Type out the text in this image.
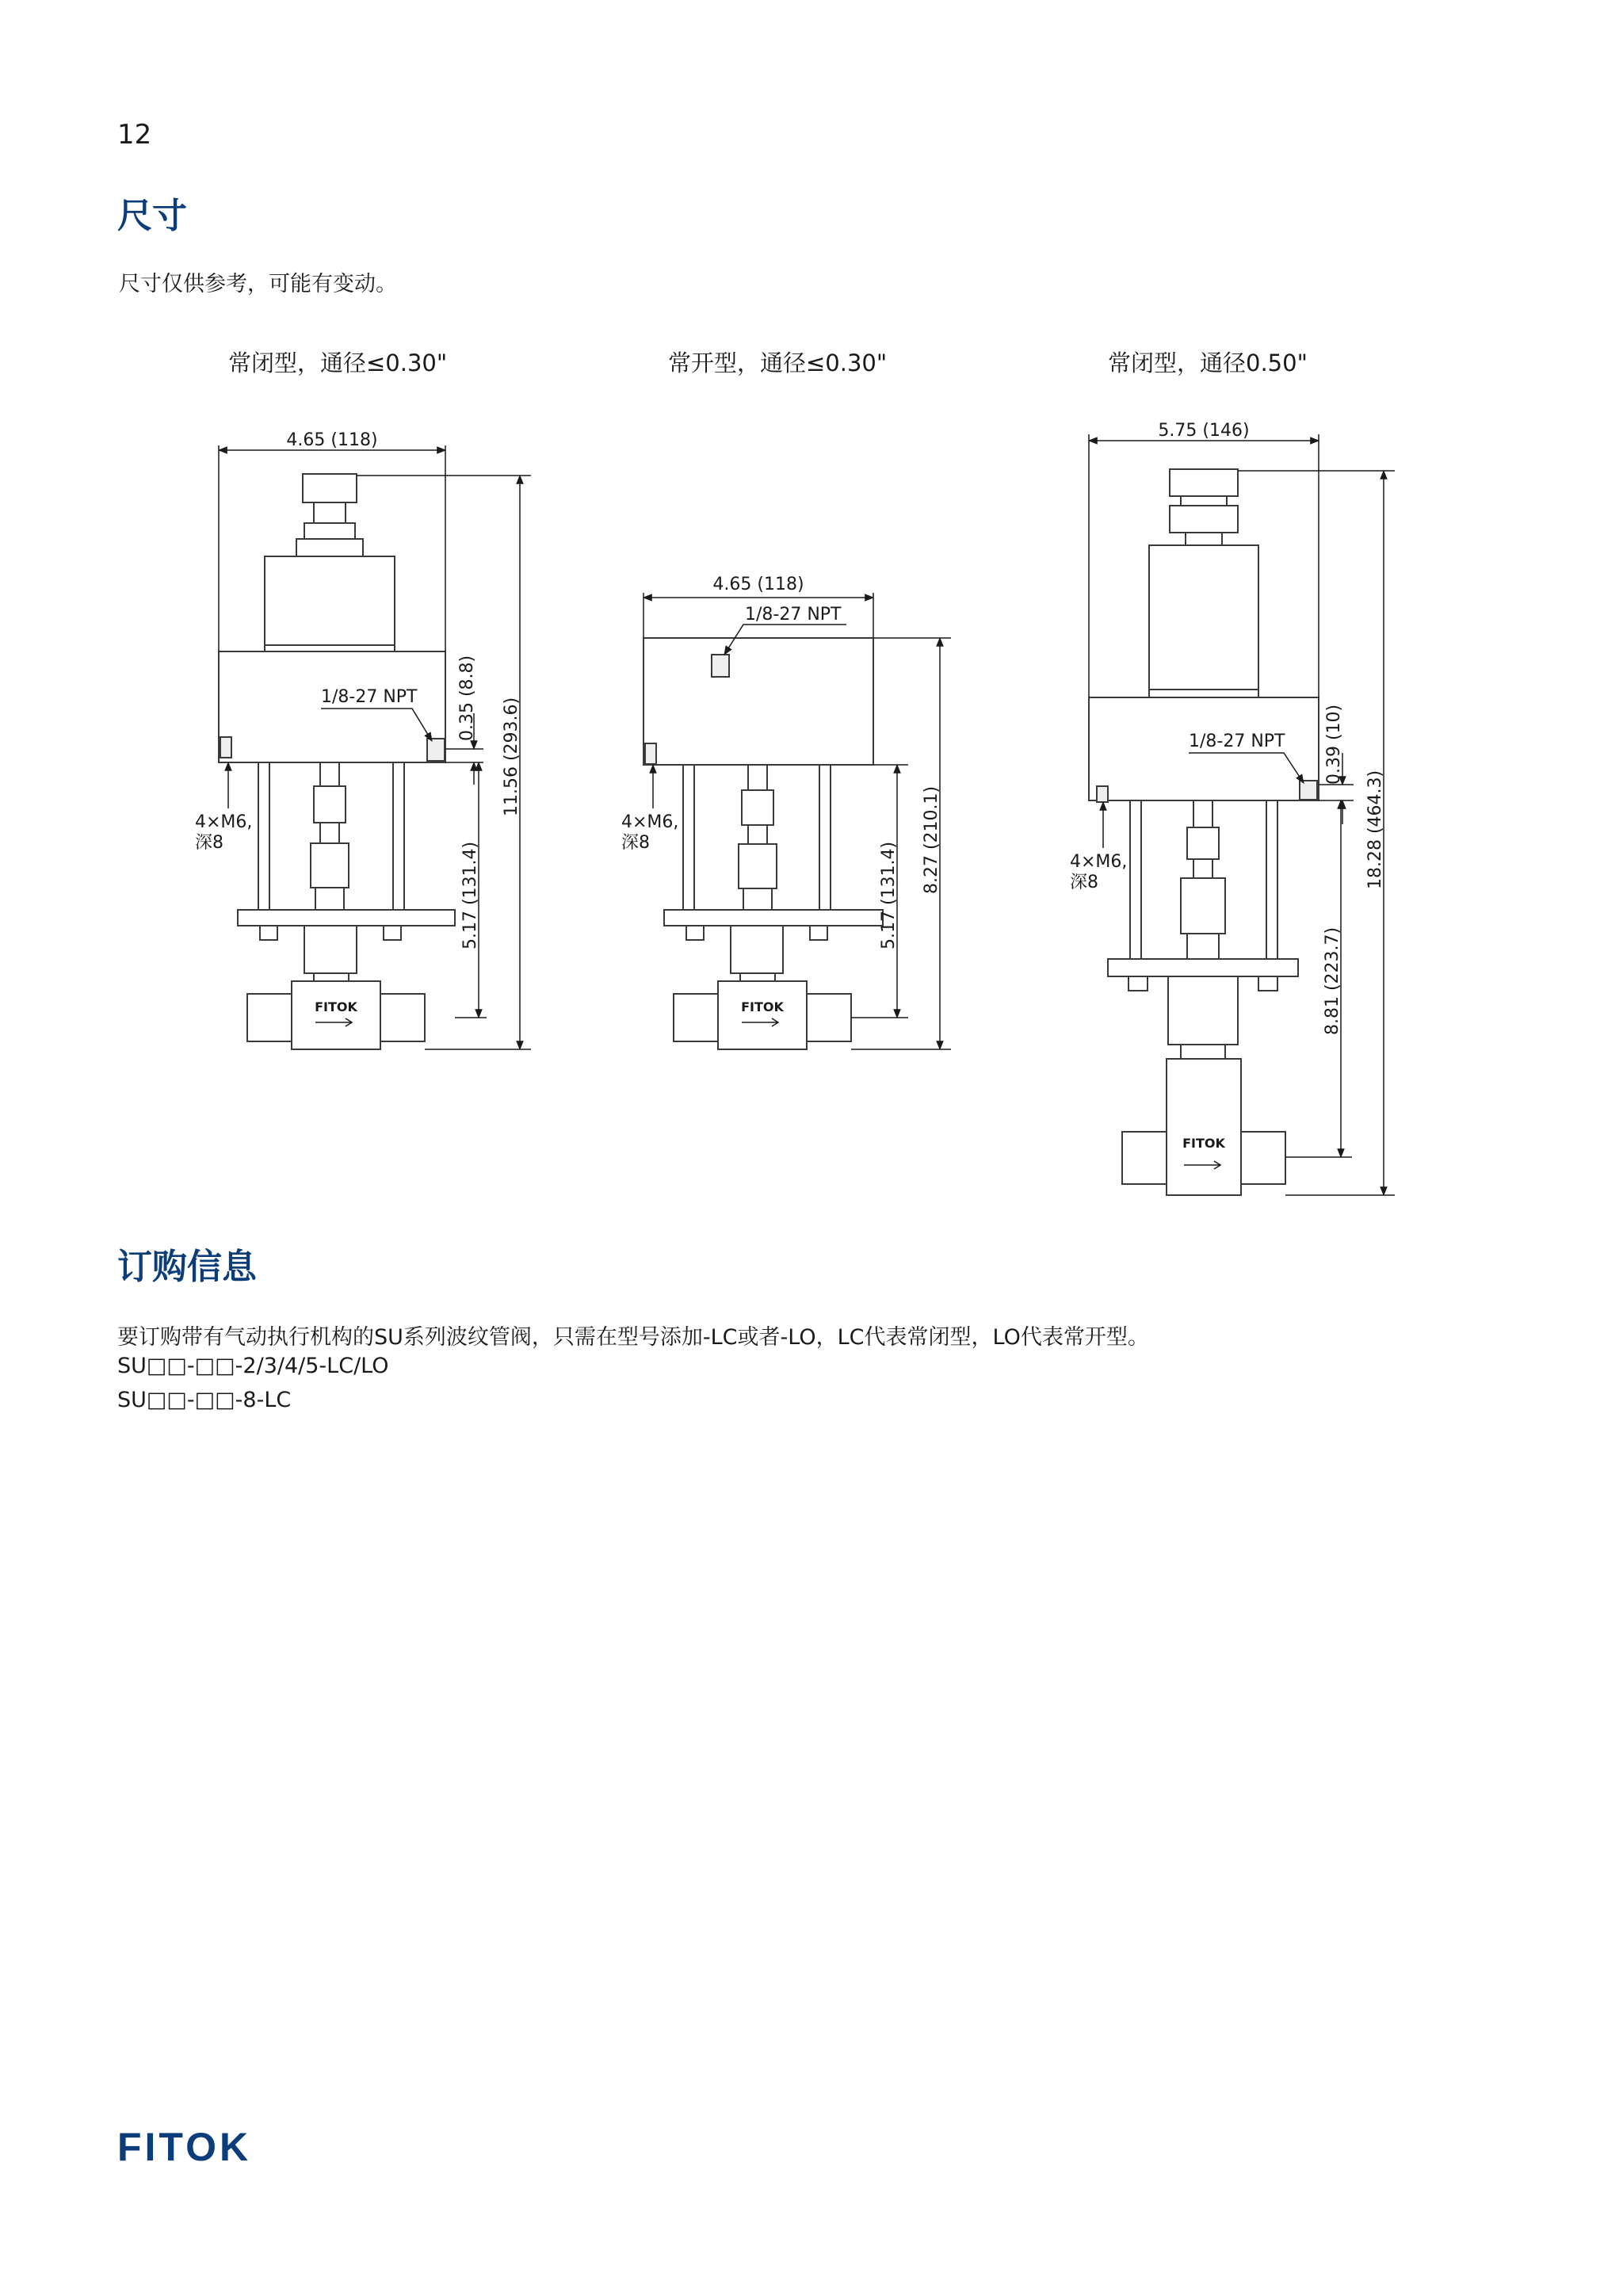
12
尺寸
尺寸仅供参考，可能有变动。
常闭型，通径≤0.30"	常开型，通径≤0.30"	常闭型，通径0.50"
4.65 (118)
1/8-27 NPT 0.35 (8.8) 11.56 (293.6)
5.17 (131.4)
4×M6,
深8
FITOK
4.65 (118)
1/8-27 NPT
8.27 (210.1)
5.17 (131.4)
4×M6,
深8
FITOK
5.75 (146)
1/8-27 NPT 0.39 (10)
18.28 (464.3)
8.81 (223.7)
4×M6,
深8
FITOK
订购信息
要订购带有气动执行机构的SU系列波纹管阀，只需在型号添加-LC或者-LO，LC代表常闭型，LO代表常开型。
SU□□-□□-2/3/4/5-LC/LO
SU□□-□□-8-LC
FITOK
